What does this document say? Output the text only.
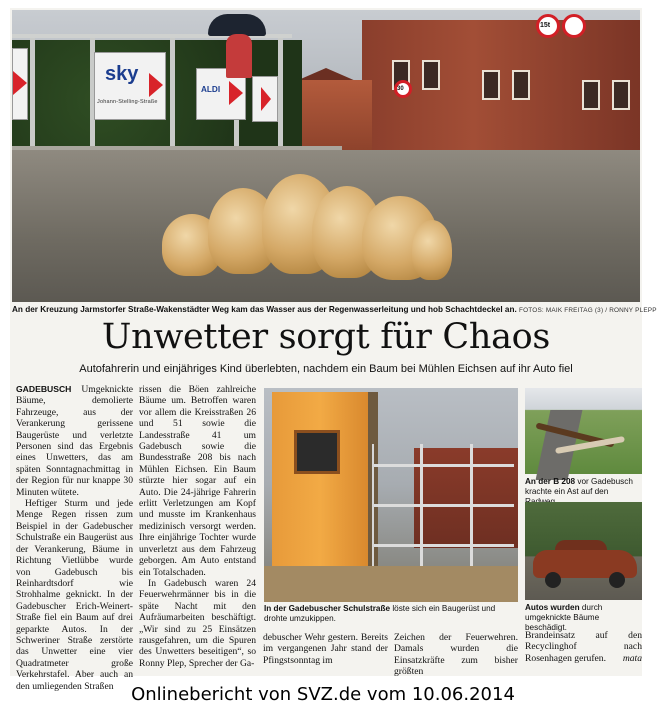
sky
Johann-Stelling-Straße
ALDI	30
15t
An der Kreuzung Jarmstorfer Straße-Wakenstädter Weg kam das Wasser aus der Regenwasserleitung und hob Schachtdeckel an. FOTOS: MAIK FREITAG (3) / RONNY PLEPP
Unwetter sorgt für Chaos
Autofahrerin und einjähriges Kind überlebten, nachdem ein Baum bei Mühlen Eichsen auf ihr Auto fiel

GADEBUSCH Umgeknickte Bäume, demolierte Fahrzeuge, aus der Verankerung gerissene Baugerüste und verletzte Personen sind das Ergebnis eines Unwetters, das am späten Sonntagnachmittag in der Region für nur knappe 30 Minuten wütete.

Heftiger Sturm und jede Menge Regen rissen zum Beispiel in der Gadebuscher Schulstraße ein Baugerüst aus der Verankerung, Bäume in Richtung Vietlübbe wurde von Gadebusch bis Reinhardtsdorf wie Strohhalme geknickt. In der Gadebuscher Erich-Weinert-Straße fiel ein Baum auf drei geparkte Autos. In der Schweriner Straße zerstörte das Unwetter eine vier Quadratmeter große Verkehrstafel. Aber auch an den umliegenden Straßen

rissen die Böen zahlreiche Bäume um. Betroffen waren vor allem die Kreisstraßen 26 und 51 sowie die Landesstraße 41 um Gadebusch sowie die Bundesstraße 208 bis nach Mühlen Eichsen. Ein Baum stürzte hier sogar auf ein Auto. Die 24-jährige Fahrerin erlitt Verletzungen am Kopf und musste im Krankenhaus medizinisch versorgt werden. Ihre einjährige Tochter wurde unverletzt aus dem Fahrzeug geborgen. Am Auto entstand ein Totalschaden.

In Gadebusch waren 24 Feuerwehrmänner bis in die späte Nacht mit den Aufräumarbeiten beschäftigt. „Wir sind zu 25 Einsätzen rausgefahren, um die Spuren des Unwetters beseitigen“, so Ronny Plep, Sprecher der Ga-

debuscher Wehr gestern. Bereits im vergangenen Jahr stand der Pfingstsonntag im

Zeichen der Feuerwehren. Damals wurden die Einsatzkräfte zum bisher größten

Brandeinsatz auf den Recyclinghof nach Rosenhagen gerufen. mata

In der Gadebuscher Schulstraße löste sich ein Baugerüst und drohte umzukippen.
An der B 208 vor Gadebusch krachte ein Ast auf den
Autos wurden durch umgeknickte Bäume beschädigt.
Onlinebericht von SVZ.de vom 10.06.2014
